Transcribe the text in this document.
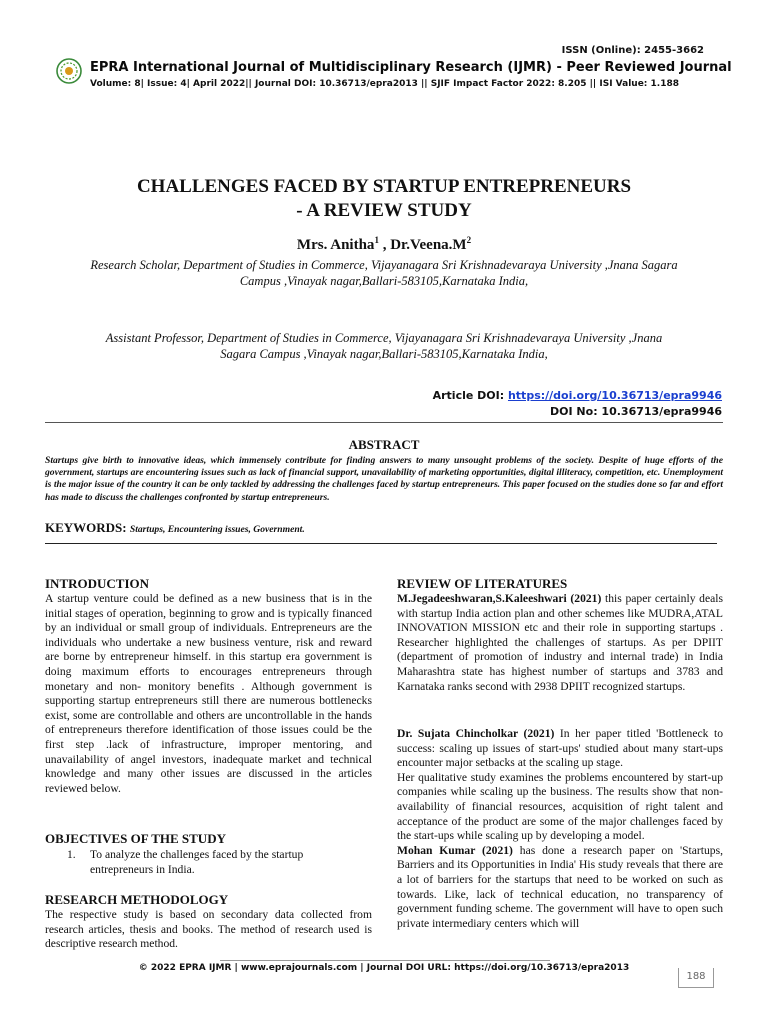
ISSN (Online): 2455-3662
EPRA International Journal of Multidisciplinary Research (IJMR) - Peer Reviewed Journal
Volume: 8| Issue: 4| April 2022|| Journal DOI: 10.36713/epra2013 || SJIF Impact Factor 2022: 8.205 || ISI Value: 1.188
CHALLENGES FACED BY STARTUP ENTREPRENEURS
- A REVIEW STUDY
Mrs. Anitha$^1$ , $Dr.Veena.M^2$
Research Scholar, Department of Studies in Commerce, Vijayanagara Sri Krishnadevaraya University ,Jnana Sagara
Campus ,Vinayak nagar,Ballari-583105,Karnataka India,
Assistant Professor, Department of Studies in Commerce, Vijayanagara Sri Krishnadevaraya University ,Jnana
Sagara Campus ,Vinayak nagar,Ballari-583105,Karnataka India,
Article DOI: https://doi.org/10.36713/epra9946
DOI No: 10.36713/epra9946
ABSTRACT
Startups give birth to innovative ideas, which immensely contribute for finding answers to many unsought problems of the society. Despite of huge efforts of the government, startups are encountering issues such as lack of financial support, unavailability of marketing opportunities, digital illiteracy, competition, etc. Unemployment is the major issue of the country it can be only tackled by addressing the challenges faced by startup entrepreneurs. This paper focused on the studies done so far and effort has made to discuss the challenges confronted by startup entrepreneurs.
KEYWORDS: Startups, Encountering issues, Government.
INTRODUCTION
A startup venture could be defined as a new business that is in the initial stages of operation, beginning to grow and is typically financed by an individual or small group of individuals. Entrepreneurs are the individuals who undertake a new business venture, risk and reward are borne by entrepreneur himself. in this startup era government is doing maximum efforts to encourages entrepreneurs through monetary and non- monitory benefits . Although government is supporting startup entrepreneurs still there are numerous bottlenecks exist, some are controllable and others are uncontrollable in the hands of entrepreneurs therefore identification of those issues could be the first step .lack of infrastructure, improper mentoring, and unavailability of angel investors, inadequate market and technical knowledge and many other issues are discussed in the articles reviewed below.
OBJECTIVES OF THE STUDY
1. To analyze the challenges faced by the startup
entrepreneurs in India.
RESEARCH METHODOLOGY
The respective study is based on secondary data collected from research articles, thesis and books. The method of research used is descriptive research method.
REVIEW OF LITERATURES
M.Jegadeeshwaran,S.Kaleeshwari (2021) this paper certainly deals with startup India action plan and other schemes like MUDRA,ATAL INNOVATION MISSION etc and their role in supporting startups . Researcher highlighted the challenges of startups. As per DPIIT (department of promotion of industry and internal trade) in India Maharashtra state has highest number of startups and 3783 and Karnataka ranks second with 2938 DPIIT recognized startups.

Dr. Sujata Chincholkar (2021) In her paper titled 'Bottleneck to success: scaling up issues of start-ups' studied about many start-ups encounter major setbacks at the scaling up stage.

Her qualitative study examines the problems encountered by start-up companies while scaling up the business. The results show that non- availability of financial resources, acquisition of right talent and acceptance of the product are some of the major challenges faced by the start-ups while scaling up by developing a model.

Mohan Kumar (2021) has done a research paper on 'Startups, Barriers and its Opportunities in India' His study reveals that there are a lot of barriers for the startups that need to be worked on such as towards. Like, lack of technical education, no transparency of government funding scheme. The government will have to open such private intermediary centers which will

© 2022 EPRA IJMR | www.eprajournals.com | Journal DOI URL: https://doi.org/10.36713/epra2013
188
